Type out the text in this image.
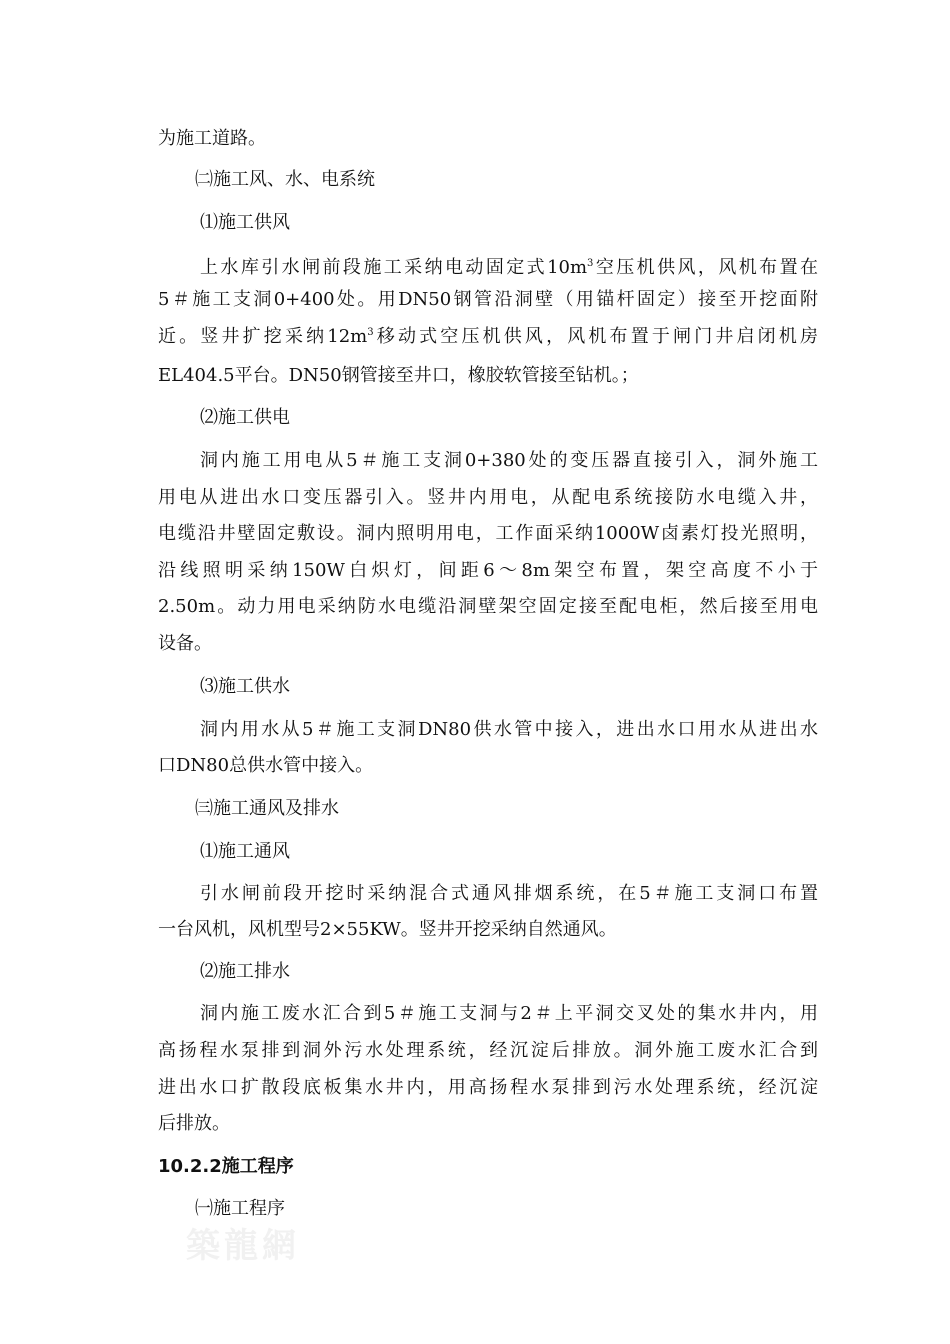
为施工道路。
㈡施工风、水、电系统
⑴施工供风
上水库引水闸前段施工采纳电动固定式$10m^3$空压机供风，风机布置在
5＃施工支洞0+400处。用DN50钢管沿洞壁（用锚杆固定）接至开挖面附
近。竖井扩挖采纳$12m^3$移动式空压机供风，风机布置于闸门井启闭机房
EL404.5平台。DN50钢管接至井口，橡胶软管接至钻机。；
⑵施工供电
洞内施工用电从5＃施工支洞0+380处的变压器直接引入，洞外施工
用电从进出水口变压器引入。竖井内用电，从配电系统接防水电缆入井，
电缆沿井壁固定敷设。洞内照明用电，工作面采纳1000W卤素灯投光照明，
沿线照明采纳150W白炽灯，间距6～8m架空布置，架空高度不小于
2.50m。动力用电采纳防水电缆沿洞壁架空固定接至配电柜，然后接至用电
设备。
⑶施工供水
洞内用水从5＃施工支洞DN80供水管中接入，进出水口用水从进出水
口DN80总供水管中接入。
㈢施工通风及排水
⑴施工通风
引水闸前段开挖时采纳混合式通风排烟系统，在5＃施工支洞口布置
一台风机，风机型号2×55KW。竖井开挖采纳自然通风。
⑵施工排水
洞内施工废水汇合到5＃施工支洞与2＃上平洞交叉处的集水井内，用
高扬程水泵排到洞外污水处理系统，经沉淀后排放。洞外施工废水汇合到
进出水口扩散段底板集水井内，用高扬程水泵排到污水处理系统，经沉淀
后排放。
10.2.2施工程序
㈠施工程序
築龍網
